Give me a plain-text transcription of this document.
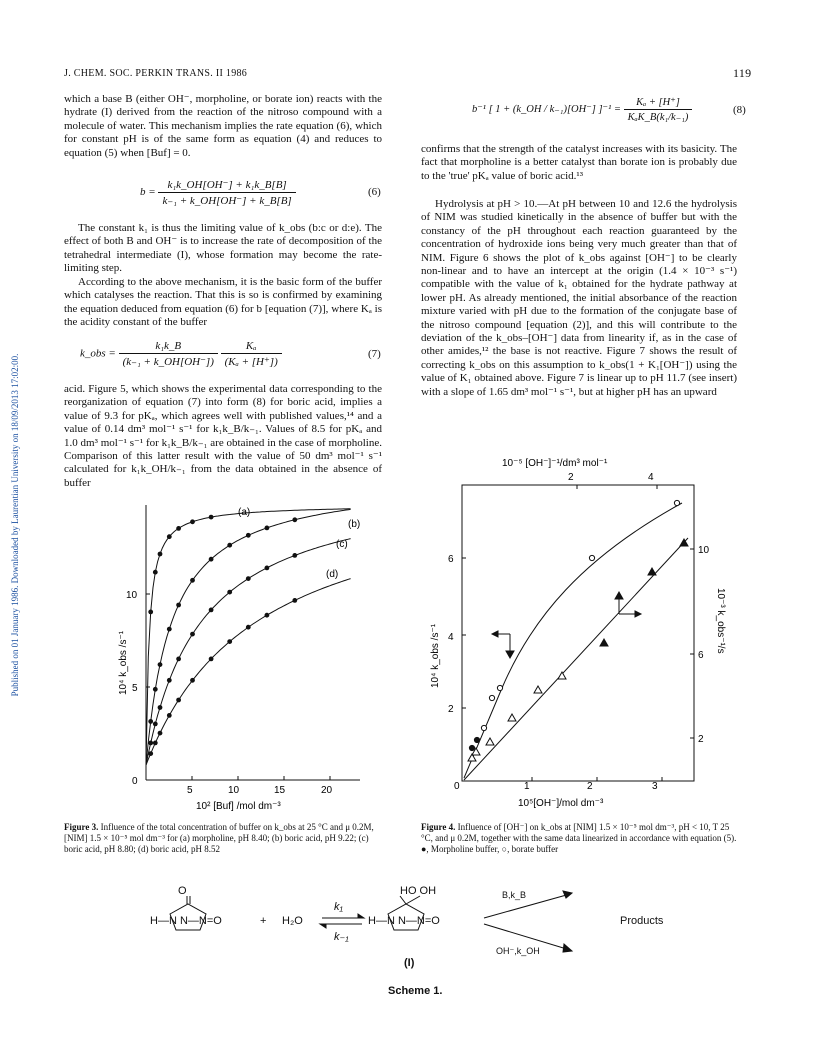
Published on 01 January 1986. Downloaded by Laurentian University on 18/09/2013 17:02:00.
J. CHEM. SOC. PERKIN TRANS. II 1986	119

which a base B (either OH⁻, morpholine, or borate ion) reacts with the hydrate (I) derived from the reaction of the nitroso compound with a molecule of water. This mechanism implies the rate equation (6), which for constant pH is of the same form as equation (4) and reduces to equation (5) when [Buf] = 0.

$b = \frac{\text{k₁k\_OH[OH⁻] + k₁k\_B[B]}}{\text{k₋₁ + k\_OH[OH⁻] + k\_B[B]}}$	(6)

The constant k₁ is thus the limiting value of k_obs (b:c or d:e). The effect of both B and OH⁻ is to increase the rate of decomposition of the tetrahedral intermediate (I), whose formation may become the rate-limiting step.

According to the above mechanism, it is the basic form of the buffer which catalyses the reaction. That this is so is confirmed by examining the equation deduced from equation (6) for b [equation (7)], where Kₐ is the acidity constant of the buffer

k_obs = $\frac{\text{k₁k\_B}}{\text{(k₋₁ + k\_OH[OH⁻])}}$
$\frac{\text{Kₐ}}{\text{(Kₐ + [H⁺])}}$	(7)

acid. Figure 5, which shows the experimental data corresponding to the reorganization of equation (7) into form (8) for boric acid, implies a value of 9.3 for pKₐ, which agrees well with published values,¹⁴ and a value of 0.14 dm³ mol⁻¹ s⁻¹ for k₁k_B/k₋₁. Values of 8.5 for pKₐ and 1.0 dm³ mol⁻¹ s⁻¹ for k₁k_B/k₋₁ are obtained in the case of morpholine. Comparison of this latter result with the value of 50 dm³ mol⁻¹ s⁻¹ calculated for k₁k_OH/k₋₁ from the data obtained in the absence of buffer

b⁻¹ [ 1 + (k_OH / k₋₁)[OH⁻] ]$^{-1} = \frac{\text{Kₐ + [H⁺]}}{\text{KₐK\_B(k₁/k₋₁)}}$	(8)

confirms that the strength of the catalyst increases with its basicity. The fact that morpholine is a better catalyst than borate ion is probably due to the 'true' pKₐ value of boric acid.¹³

Hydrolysis at pH > 10.—At pH between 10 and 12.6 the hydrolysis of NIM was studied kinetically in the absence of buffer but with the constancy of the pH throughout each reaction guaranteed by the concentration of hydroxide ions being very much greater than that of NIM. Figure 6 shows the plot of k_obs against [OH⁻] to be clearly non-linear and to have an intercept at the origin (1.4 × 10⁻³ s⁻¹) compatible with the value of k₁ obtained for the hydrate pathway at lower pH. As already mentioned, the initial absorbance of the reaction mixture varied with pH due to the formation of the conjugate base of the nitroso compound [equation (2)], and this will contribute to the deviation of the k_obs–[OH⁻] data from linearity if, as in the case of other amides,¹² the base is not reactive. Figure 7 shows the result of correcting k_obs on this assumption to k_obs(1 + K₁[OH⁻]) using the value of K₁ obtained above. Figure 7 is linear up to pH 11.7 (see insert) with a slope of 1.65 dm³ mol⁻¹ s⁻¹, but at higher pH has an upward

(a)
(b)
(c)
(d)
5	10	15	20
0
5
10
10² [Buf] /mol dm⁻³
10⁴ k_obs /s⁻¹
Figure 3. Influence of the total concentration of buffer on k_obs at 25 °C and μ 0.2M, [NIM] 1.5 × 10⁻⁵ mol dm⁻³ for (a) morpholine, pH 8.40; (b) boric acid, pH 9.22; (c) boric acid, pH 8.80; (d) boric acid, pH 8.52
10⁻⁵ [OH⁻]⁻¹/dm³ mol⁻¹
2	4
0	1	2	3
2
4
6
2
6
10
10⁵[OH⁻]/mol dm⁻³
10⁴ k_obs /s⁻¹
10⁻³ k_obs⁻¹/s
Figure 4. Influence of [OH⁻] on k_obs at [NIM] 1.5 × 10⁻⁵ mol dm⁻³, pH < 10, T 25 °C, and μ 0.2M, together with the same data linearized in accordance with equation (5). ●, Morpholine buffer, ○, borate buffer
O
H—N N—N=O	+ H₂O
k₁
k₋₁
HO OH
H—N N—N=O
(I)
B,k_B
OH⁻,k_OH
Products
Scheme 1.
